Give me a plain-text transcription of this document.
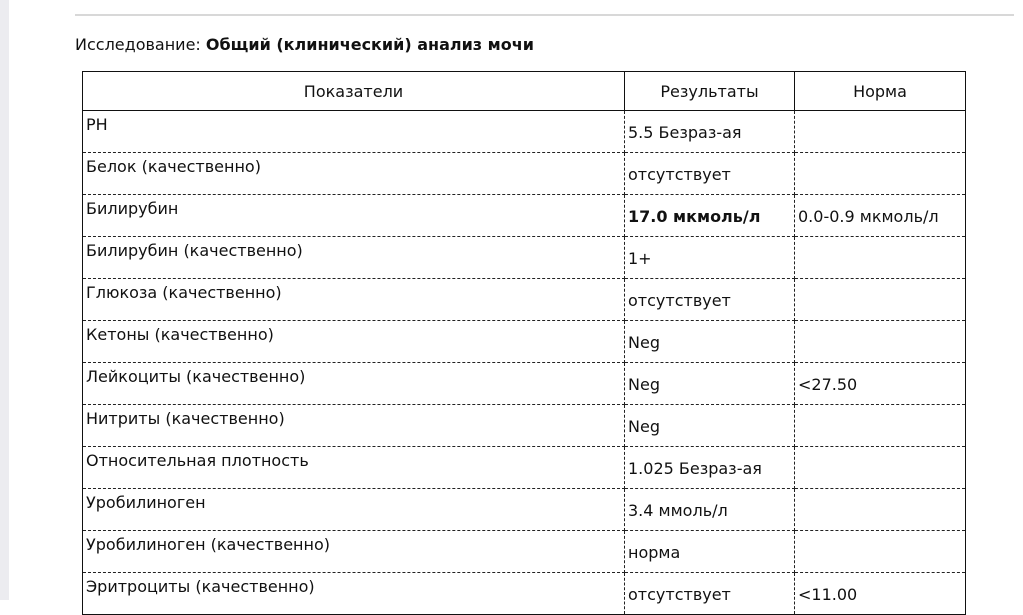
Исследование: Общий (клинический) анализ мочи
Показатели	Результаты	Норма
PH	5.5 Безраз-ая	
Белок (качественно)	отсутствует	
Билирубин	17.0 мкмоль/л	0.0-0.9 мкмоль/л
Билирубин (качественно)	1+	
Глюкоза (качественно)	отсутствует	
Кетоны (качественно)	Neg	
Лейкоциты (качественно)	Neg	<27.50
Нитриты (качественно)	Neg	
Относительная плотность	1.025 Безраз-ая	
Уробилиноген	3.4 ммоль/л	
Уробилиноген (качественно)	норма	
Эритроциты (качественно)	отсутствует	<11.00
